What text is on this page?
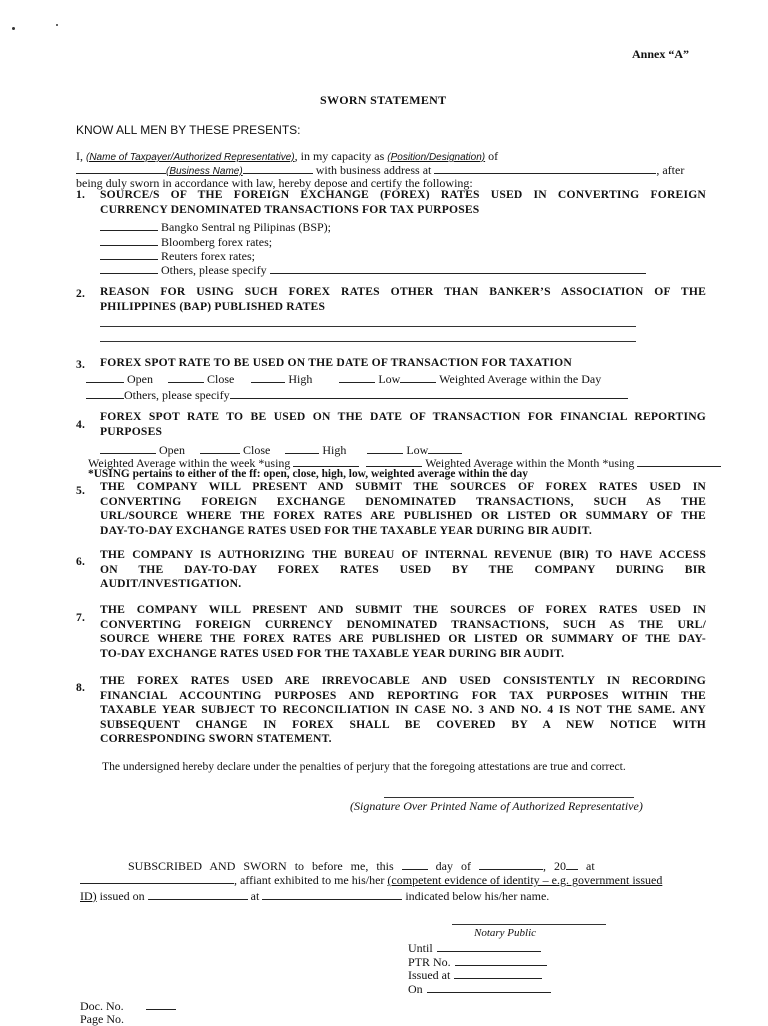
Annex “A”
SWORN STATEMENT
KNOW ALL MEN BY THESE PRESENTS:
I, (Name of Taxpayer/Authorized Representative), in my capacity as (Position/Designation) of
(Business Name)	with business address at	, after
being duly sworn in accordance with law, hereby depose and certify the following:
1. SOURCE/S OF THE FOREIGN EXCHANGE (FOREX) RATES USED IN CONVERTING FOREIGN
CURRENCY DENOMINATED TRANSACTIONS FOR TAX PURPOSES
Bangko Sentral ng Pilipinas (BSP);
Bloomberg forex rates;
Reuters forex rates;
Others, please specify
2. REASON FOR USING SUCH FOREX RATES OTHER THAN BANKER’S ASSOCIATION OF THE
PHILIPPINES (BAP) PUBLISHED RATES
3. FOREX SPOT RATE TO BE USED ON THE DATE OF TRANSACTION FOR TAXATION
Open	Close	High	Low	Weighted Average within the Day
Others, please specify
4.
FOREX SPOT RATE TO BE USED ON THE DATE OF TRANSACTION FOR FINANCIAL REPORTING
PURPOSES
Open	Close	High	Low
Weighted Average within the week *using	Weighted Average within the Month *using
*USING pertains to either of the ff: open, close, high, low, weighted average within the day
5. THE COMPANY WILL PRESENT AND SUBMIT THE SOURCES OF FOREX RATES USED IN
CONVERTING FOREIGN EXCHANGE DENOMINATED TRANSACTIONS, SUCH AS THE
URL/SOURCE WHERE THE FOREX RATES ARE PUBLISHED OR LISTED OR SUMMARY OF THE
DAY-TO-DAY EXCHANGE RATES USED FOR THE TAXABLE YEAR DURING BIR AUDIT.
6.
THE COMPANY IS AUTHORIZING THE BUREAU OF INTERNAL REVENUE (BIR) TO HAVE ACCESS
ON THE DAY-TO-DAY FOREX RATES USED BY THE COMPANY DURING BIR
AUDIT/INVESTIGATION.
7.
THE COMPANY WILL PRESENT AND SUBMIT THE SOURCES OF FOREX RATES USED IN
CONVERTING FOREIGN CURRENCY DENOMINATED TRANSACTIONS, SUCH AS THE URL/
SOURCE WHERE THE FOREX RATES ARE PUBLISHED OR LISTED OR SUMMARY OF THE DAY-
TO-DAY EXCHANGE RATES USED FOR THE TAXABLE YEAR DURING BIR AUDIT.
8.
THE FOREX RATES USED ARE IRREVOCABLE AND USED CONSISTENTLY IN RECORDING
FINANCIAL ACCOUNTING PURPOSES AND REPORTING FOR TAX PURPOSES WITHIN THE
TAXABLE YEAR SUBJECT TO RECONCILIATION IN CASE NO. 3 AND NO. 4 IS NOT THE SAME. ANY
SUBSEQUENT CHANGE IN FOREX SHALL BE COVERED BY A NEW NOTICE WITH
CORRESPONDING SWORN STATEMENT.
The undersigned hereby declare under the penalties of perjury that the foregoing attestations are true and correct.
(Signature Over Printed Name of Authorized Representative)
SUBSCRIBED AND SWORN to before me, this	day of	, 20 at
, affiant exhibited to me his/her (competent evidence of identity – e.g. government issued
ID) issued on	at	indicated below his/her name.
Notary Public
Until
PTR No.
Issued at
On
Doc. No.
Page No.
